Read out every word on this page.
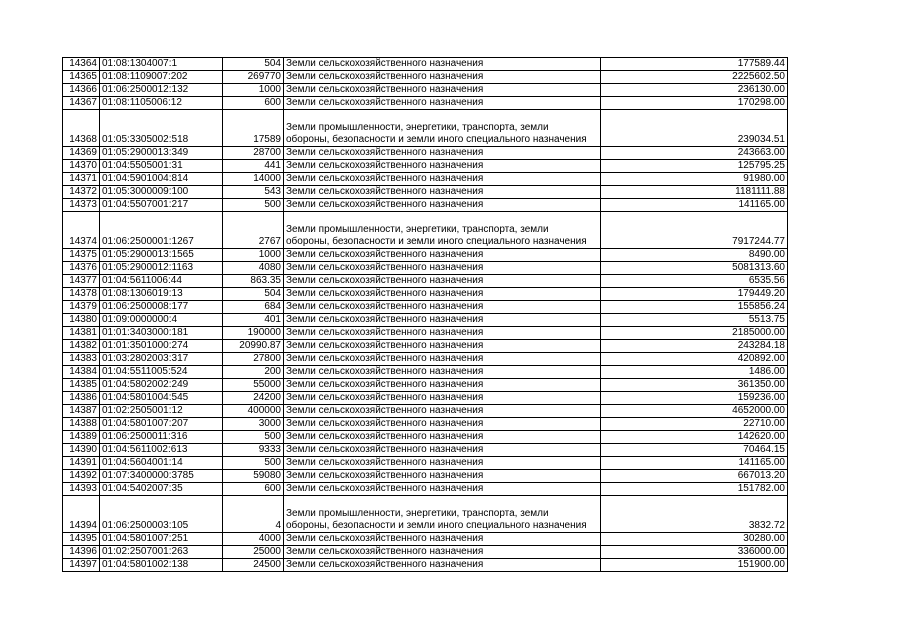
14364	01:08:1304007:1	504	Земли сельскохозяйственного назначения	177589.44
14365	01:08:1109007:202	269770	Земли сельскохозяйственного назначения	2225602.50
14366	01:06:2500012:132	1000	Земли сельскохозяйственного назначения	236130.00
14367	01:08:1105006:12	600	Земли сельскохозяйственного назначения	170298.00
14368	01:05:3305002:518	17589	Земли промышленности, энергетики, транспорта, земли обороны, безопасности и земли иного специального назначения	239034.51
14369	01:05:2900013:349	28700	Земли сельскохозяйственного назначения	243663.00
14370	01:04:5505001:31	441	Земли сельскохозяйственного назначения	125795.25
14371	01:04:5901004:814	14000	Земли сельскохозяйственного назначения	91980.00
14372	01:05:3000009:100	543	Земли сельскохозяйственного назначения	1181111.88
14373	01:04:5507001:217	500	Земли сельскохозяйственного назначения	141165.00
14374	01:06:2500001:1267	2767	Земли промышленности, энергетики, транспорта, земли обороны, безопасности и земли иного специального назначения	7917244.77
14375	01:05:2900013:1565	1000	Земли сельскохозяйственного назначения	8490.00
14376	01:05:2900012:1163	4080	Земли сельскохозяйственного назначения	5081313.60
14377	01:04:5611006:44	863.35	Земли сельскохозяйственного назначения	6535.56
14378	01:08:1306019:13	504	Земли сельскохозяйственного назначения	179449.20
14379	01:06:2500008:177	684	Земли сельскохозяйственного назначения	155856.24
14380	01:09:0000000:4	401	Земли сельскохозяйственного назначения	5513.75
14381	01:01:3403000:181	190000	Земли сельскохозяйственного назначения	2185000.00
14382	01:01:3501000:274	20990.87	Земли сельскохозяйственного назначения	243284.18
14383	01:03:2802003:317	27800	Земли сельскохозяйственного назначения	420892.00
14384	01:04:5511005:524	200	Земли сельскохозяйственного назначения	1486.00
14385	01:04:5802002:249	55000	Земли сельскохозяйственного назначения	361350.00
14386	01:04:5801004:545	24200	Земли сельскохозяйственного назначения	159236.00
14387	01:02:2505001:12	400000	Земли сельскохозяйственного назначения	4652000.00
14388	01:04:5801007:207	3000	Земли сельскохозяйственного назначения	22710.00
14389	01:06:2500011:316	500	Земли сельскохозяйственного назначения	142620.00
14390	01:04:5611002:613	9333	Земли сельскохозяйственного назначения	70464.15
14391	01:04:5604001:14	500	Земли сельскохозяйственного назначения	141165.00
14392	01:07:3400000:3785	59080	Земли сельскохозяйственного назначения	667013.20
14393	01:04:5402007:35	600	Земли сельскохозяйственного назначения	151782.00
14394	01:06:2500003:105	4	Земли промышленности, энергетики, транспорта, земли обороны, безопасности и земли иного специального назначения	3832.72
14395	01:04:5801007:251	4000	Земли сельскохозяйственного назначения	30280.00
14396	01:02:2507001:263	25000	Земли сельскохозяйственного назначения	336000.00
14397	01:04:5801002:138	24500	Земли сельскохозяйственного назначения	151900.00
